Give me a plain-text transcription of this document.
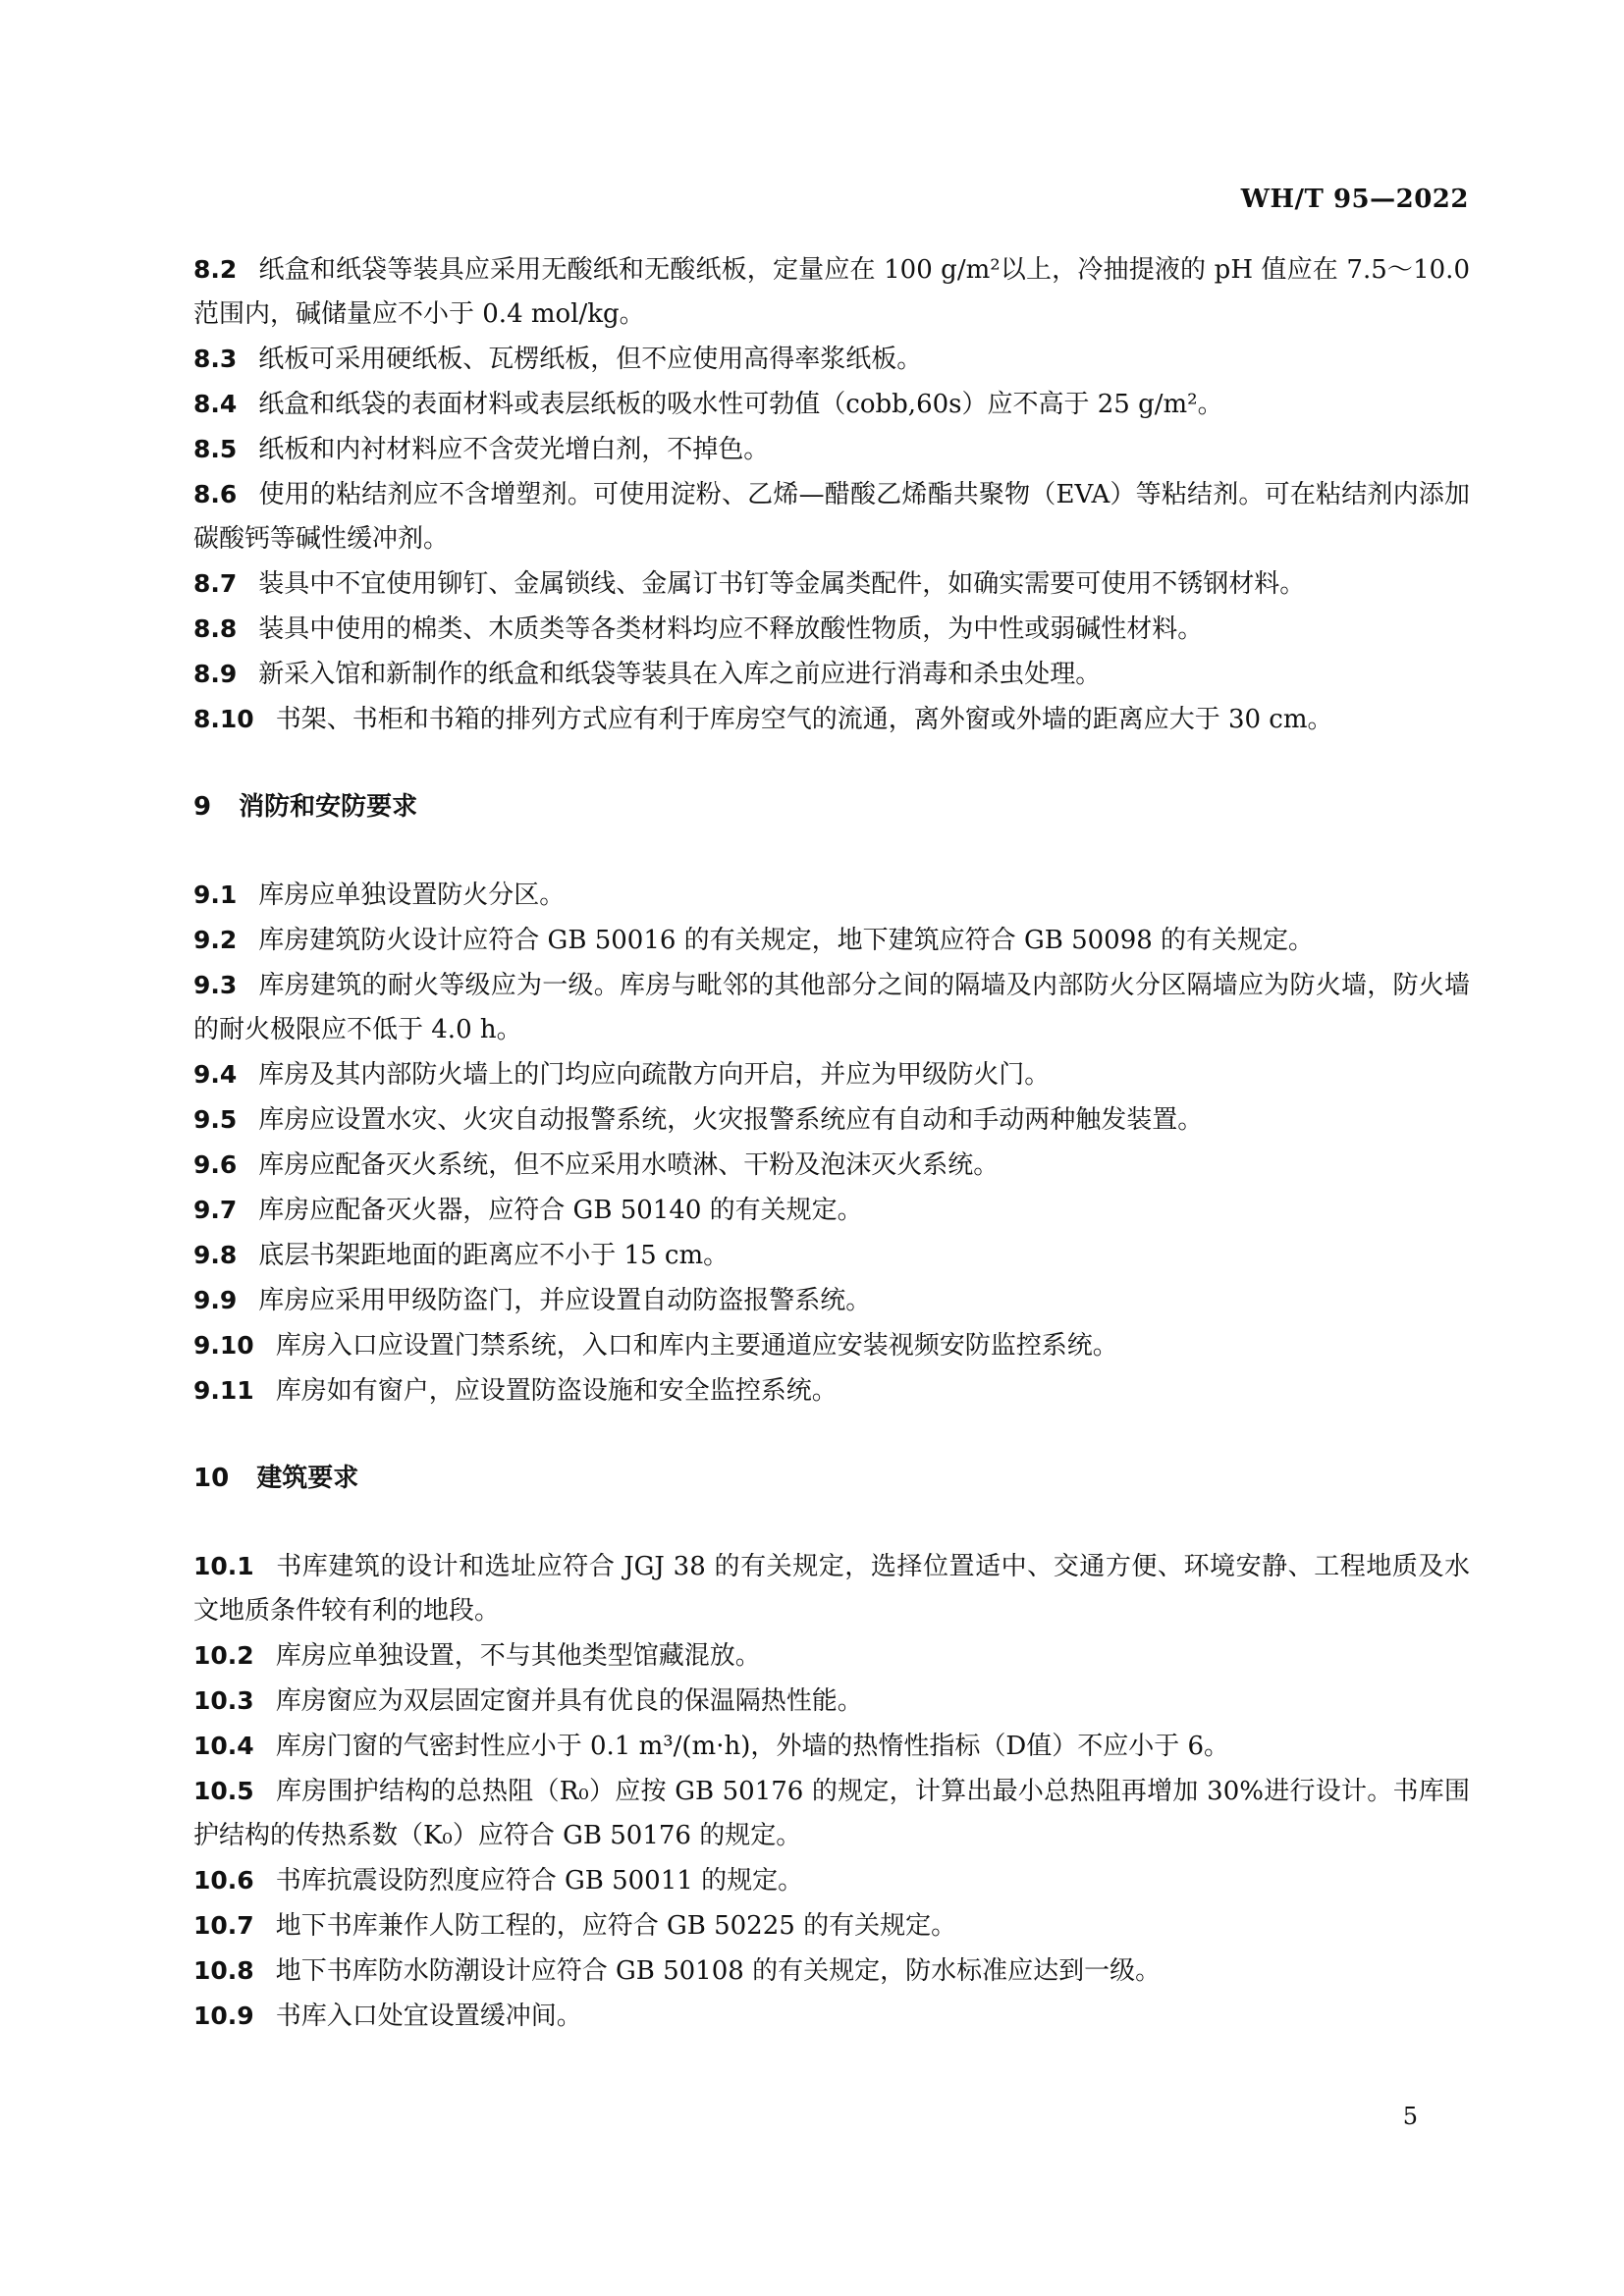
WH/T 95—2022

8.2 纸盒和纸袋等装具应采用无酸纸和无酸纸板，定量应在 100 g/m²以上，冷抽提液的 pH 值应在 7.5～10.0 范围内，碱储量应不小于 0.4 mol/kg。

8.3 纸板可采用硬纸板、瓦楞纸板，但不应使用高得率浆纸板。

8.4 纸盒和纸袋的表面材料或表层纸板的吸水性可勃值（cobb,60s）应不高于 25 g/m²。

8.5 纸板和内衬材料应不含荧光增白剂，不掉色。

8.6 使用的粘结剂应不含增塑剂。可使用淀粉、乙烯—醋酸乙烯酯共聚物（EVA）等粘结剂。可在粘结剂内添加碳酸钙等碱性缓冲剂。

8.7 装具中不宜使用铆钉、金属锁线、金属订书钉等金属类配件，如确实需要可使用不锈钢材料。

8.8 装具中使用的棉类、木质类等各类材料均应不释放酸性物质，为中性或弱碱性材料。

8.9 新采入馆和新制作的纸盒和纸袋等装具在入库之前应进行消毒和杀虫处理。

8.10 书架、书柜和书箱的排列方式应有利于库房空气的流通，离外窗或外墙的距离应大于 30 cm。

9 消防和安防要求

9.1 库房应单独设置防火分区。

9.2 库房建筑防火设计应符合 GB 50016 的有关规定，地下建筑应符合 GB 50098 的有关规定。

9.3 库房建筑的耐火等级应为一级。库房与毗邻的其他部分之间的隔墙及内部防火分区隔墙应为防火墙，防火墙的耐火极限应不低于 4.0 h。

9.4 库房及其内部防火墙上的门均应向疏散方向开启，并应为甲级防火门。

9.5 库房应设置水灾、火灾自动报警系统，火灾报警系统应有自动和手动两种触发装置。

9.6 库房应配备灭火系统，但不应采用水喷淋、干粉及泡沫灭火系统。

9.7 库房应配备灭火器，应符合 GB 50140 的有关规定。

9.8 底层书架距地面的距离应不小于 15 cm。

9.9 库房应采用甲级防盗门，并应设置自动防盗报警系统。

9.10 库房入口应设置门禁系统，入口和库内主要通道应安装视频安防监控系统。

9.11 库房如有窗户，应设置防盗设施和安全监控系统。

10 建筑要求

10.1 书库建筑的设计和选址应符合 JGJ 38 的有关规定，选择位置适中、交通方便、环境安静、工程地质及水文地质条件较有利的地段。

10.2 库房应单独设置，不与其他类型馆藏混放。

10.3 库房窗应为双层固定窗并具有优良的保温隔热性能。

10.4 库房门窗的气密封性应小于 0.1 m³/(m·h)，外墙的热惰性指标（D值）不应小于 6。

10.5 库房围护结构的总热阻（R₀）应按 GB 50176 的规定，计算出最小总热阻再增加 30%进行设计。书库围护结构的传热系数（K₀）应符合 GB 50176 的规定。

10.6 书库抗震设防烈度应符合 GB 50011 的规定。

10.7 地下书库兼作人防工程的，应符合 GB 50225 的有关规定。

10.8 地下书库防水防潮设计应符合 GB 50108 的有关规定，防水标准应达到一级。

10.9 书库入口处宜设置缓冲间。

5
